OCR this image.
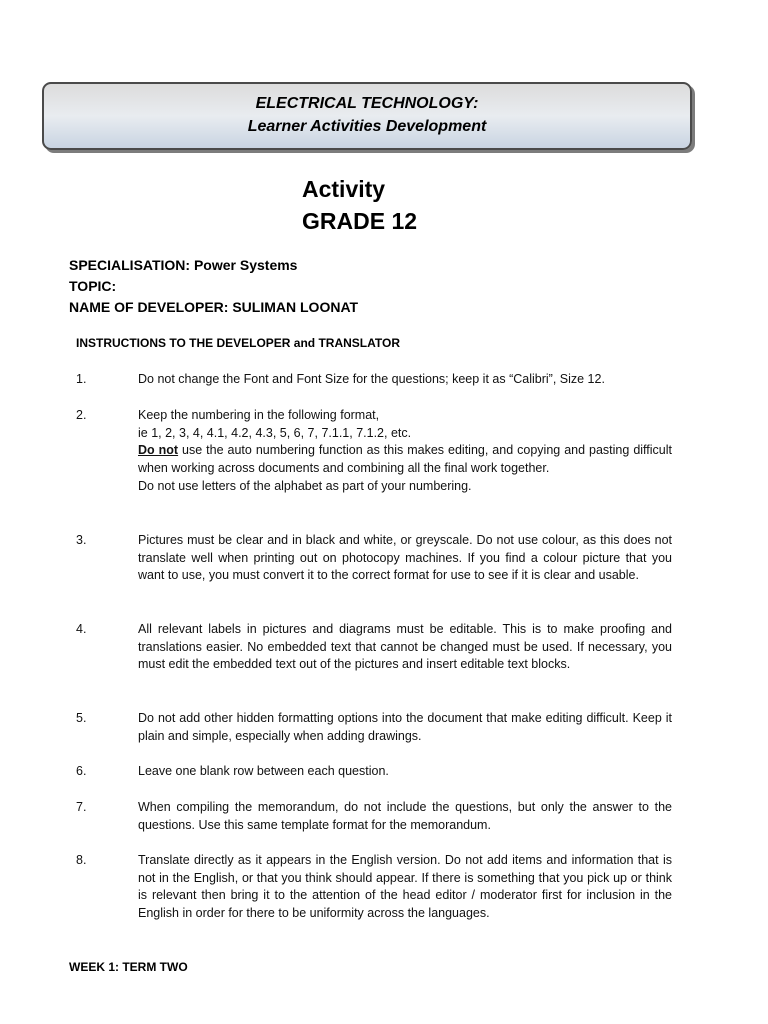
ELECTRICAL TECHNOLOGY:
Learner Activities Development
Activity
GRADE 12
SPECIALISATION: Power Systems
TOPIC:
NAME OF DEVELOPER: SULIMAN LOONAT
INSTRUCTIONS TO THE DEVELOPER and TRANSLATOR
1.	Do not change the Font and Font Size for the questions; keep it as “Calibri”, Size 12.
2.	Keep the numbering in the following format,

ie 1, 2, 3, 4, 4.1, 4.2, 4.3, 5, 6, 7, 7.1.1, 7.1.2, etc.

Do not use the auto numbering function as this makes editing, and copying and pasting difficult when working across documents and combining all the final work together.

Do not use letters of the alphabet as part of your numbering.

3.	Pictures must be clear and in black and white, or greyscale. Do not use colour, as this does not translate well when printing out on photocopy machines. If you find a colour picture that you want to use, you must convert it to the correct format for use to see if it is clear and usable.
4.	All relevant labels in pictures and diagrams must be editable. This is to make proofing and translations easier. No embedded text that cannot be changed must be used. If necessary, you must edit the embedded text out of the pictures and insert editable text blocks.
5.	Do not add other hidden formatting options into the document that make editing difficult. Keep it plain and simple, especially when adding drawings.
6.	Leave one blank row between each question.
7.	When compiling the memorandum, do not include the questions, but only the answer to the questions. Use this same template format for the memorandum.
8.	Translate directly as it appears in the English version. Do not add items and information that is not in the English, or that you think should appear. If there is something that you pick up or think is relevant then bring it to the attention of the head editor / moderator first for inclusion in the English in order for there to be uniformity across the languages.
WEEK 1: TERM TWO
